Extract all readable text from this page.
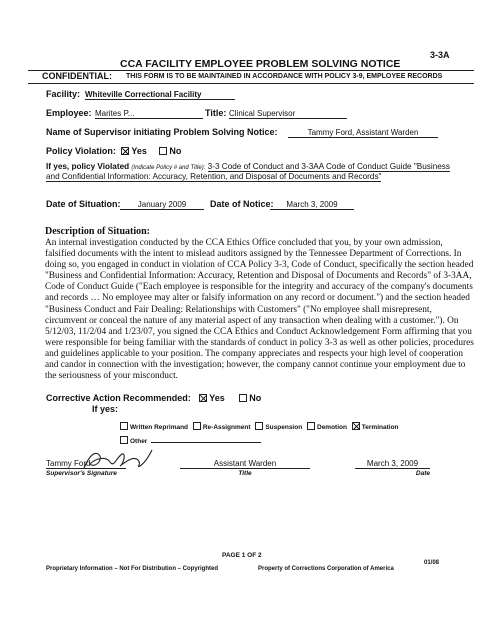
3-3A
CCA FACILITY EMPLOYEE PROBLEM SOLVING NOTICE
CONFIDENTIAL: THIS FORM IS TO BE MAINTAINED IN ACCORDANCE WITH POLICY 3-9, EMPLOYEE RECORDS
Facility: Whiteville Correctional Facility
Employee: Marites P...	Title: Clinical Supervisor
Name of Supervisor initiating Problem Solving Notice:	Tammy Ford, Assistant Warden
Policy Violation: Yes	No
If yes, policy Violated (Indicate Policy # and Title): 3-3 Code of Conduct and 3-3AA Code of Conduct Guide "Business
and Confidential Information: Accuracy, Retention, and Disposal of Documents and Records"
Date of Situation:	January 2009	Date of Notice:	March 3, 2009
Description of Situation:
An internal investigation conducted by the CCA Ethics Office concluded that you, by your own admission, falsified documents with the intent to mislead auditors assigned by the Tennessee Department of Corrections. In doing so, you engaged in conduct in violation of CCA Policy 3-3, Code of Conduct, specifically the section headed "Business and Confidential Information: Accuracy, Retention and Disposal of Documents and Records" of 3-3AA, Code of Conduct Guide ("Each employee is responsible for the integrity and accuracy of the company's documents and records … No employee may alter or falsify information on any record or document.") and the section headed "Business Conduct and Fair Dealing: Relationships with Customers" ("No employee shall misrepresent, circumvent or conceal the nature of any material aspect of any transaction when dealing with a customer."). On 5/12/03, 11/2/04 and 1/23/07, you signed the CCA Ethics and Conduct Acknowledgement Form affirming that you were responsible for being familiar with the standards of conduct in policy 3-3 as well as other policies, procedures and guidelines applicable to your position. The company appreciates and respects your high level of cooperation and candor in connection with the investigation; however, the company cannot continue your employment due to the seriousness of your misconduct.
Corrective Action Recommended: Yes	No
If yes:
Written Reprimand Re-Assignment Suspension Demotion Termination
Other
Tammy Ford
Supervisor's Signature
Assistant Warden
Title
March 3, 2009
Date
PAGE 1 OF 2
Proprietary Information – Not For Distribution – Copyrighted	Property of Corrections Corporation of America
01/08
